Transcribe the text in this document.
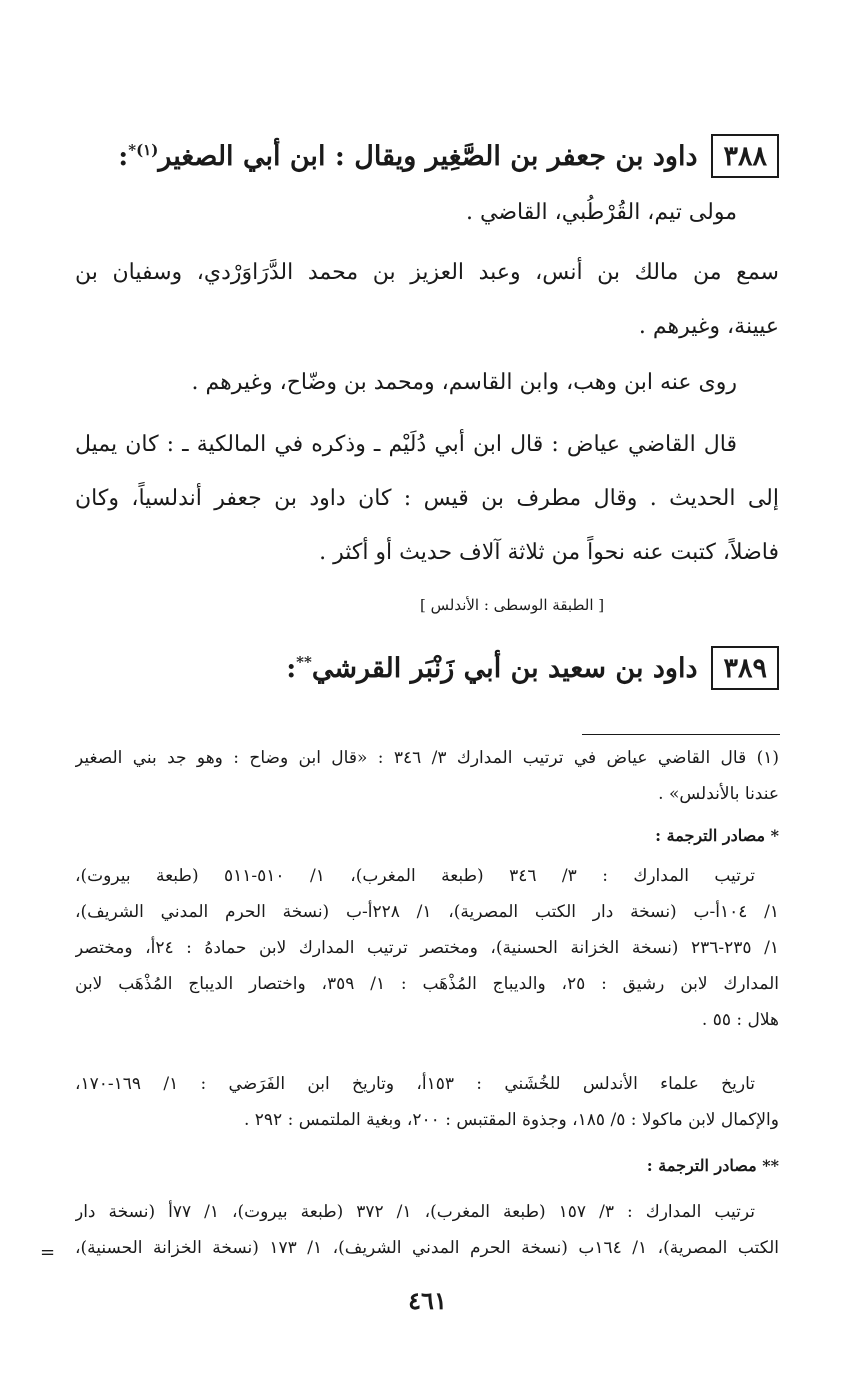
٣٨٨
داود بن جعفر بن الصَّغِير ويقال : ابن أبي الصغير$^{(١)*}$:
مولى تيم، القُرْطُبي، القاضي .
سمع من مالك بن أنس، وعبد العزيز بن محمد الدَّرَاوَرْدي، وسفيان بن
عيينة، وغيرهم .
روى عنه ابن وهب، وابن القاسم، ومحمد بن وضّاح، وغيرهم .
قال القاضي عياض : قال ابن أبي دُلَيْم ـ وذكره في المالكية ـ : كان يميل
إلى الحديث . وقال مطرف بن قيس : كان داود بن جعفر أندلسياً، وكان
فاضلاً، كتبت عنه نحواً من ثلاثة آلاف حديث أو أكثر .
[ الطبقة الوسطى : الأندلس ]
٣٨٩
داود بن سعيد بن أبي زَنْبَر القرشي**:
(١) قال القاضي عياض في ترتيب المدارك ٣/ ٣٤٦ : «قال ابن وضاح : وهو جد بني الصغير
عندنا بالأندلس» .
* مصادر الترجمة :
ترتيب المدارك : ٣/ ٣٤٦ (طبعة المغرب)، ١/ ٥١٠-٥١١ (طبعة بيروت)،
١/ ١٠٤أ-ب (نسخة دار الكتب المصرية)، ١/ ٢٢٨أ-ب (نسخة الحرم المدني الشريف)،
١/ ٢٣٥-٢٣٦ (نسخة الخزانة الحسنية)، ومختصر ترتيب المدارك لابن حمادهُ : ٢٤أ، ومختصر
المدارك لابن رشيق : ٢٥، والديباج المُذْهَب : ١/ ٣٥٩، واختصار الديباج المُذْهَب لابن
هلال : ٥٥ .
تاريخ علماء الأندلس للخُشَني : ١٥٣أ، وتاريخ ابن الفَرَضي : ١/ ١٦٩-١٧٠،
والإكمال لابن ماكولا : ٥/ ١٨٥، وجذوة المقتبس : ٢٠٠، وبغية الملتمس : ٢٩٢ .
** مصادر الترجمة :
ترتيب المدارك : ٣/ ١٥٧ (طبعة المغرب)، ١/ ٣٧٢ (طبعة بيروت)، ١/ ٧٧أ (نسخة دار
الكتب المصرية)، ١/ ١٦٤ب (نسخة الحرم المدني الشريف)، ١/ ١٧٣ (نسخة الخزانة الحسنية)،
=
٤٦١
